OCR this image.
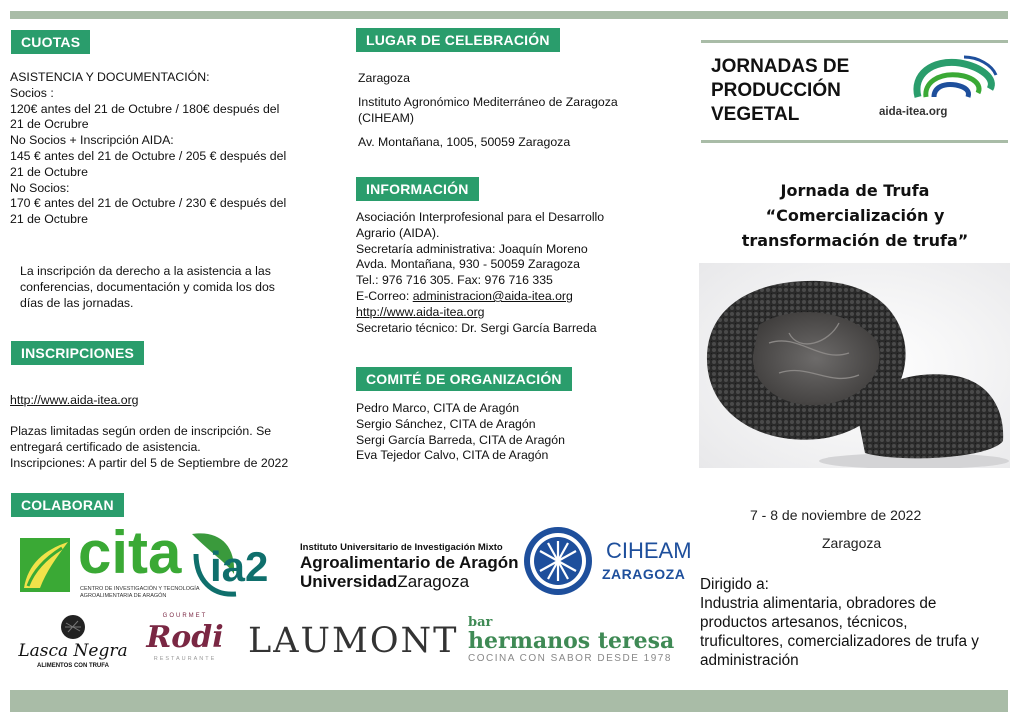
CUOTAS
ASISTENCIA Y DOCUMENTACIÓN:
Socios :
120€ antes del 21 de Octubre / 180€ después del
21 de Ocrubre
No Socios + Inscripción AIDA:
145 € antes del 21 de Octubre / 205 € después del
21 de Octubre
No Socios:
170 € antes del 21 de Octubre / 230 € después del
21 de Octubre
La inscripción da derecho a la asistencia a las
conferencias, documentación y comida los dos
días de las jornadas.
INSCRIPCIONES
http://www.aida-itea.org
Plazas limitadas según orden de inscripción. Se
entregará certificado de asistencia.
Inscripciones: A partir del 5 de Septiembre de 2022
LUGAR DE CELEBRACIÓN
Zaragoza
Instituto Agronómico Mediterráneo de Zaragoza
(CIHEAM)
Av. Montañana, 1005, 50059 Zaragoza
INFORMACIÓN
Asociación Interprofesional para el Desarrollo
Agrario (AIDA).
Secretaría administrativa: Joaquín Moreno
Avda. Montañana, 930 - 50059 Zaragoza
Tel.: 976 716 305. Fax: 976 716 335
E-Correo: administracion@aida-itea.org
http://www.aida-itea.org
Secretario técnico: Dr. Sergi García Barreda
COMITÉ DE ORGANIZACIÓN
Pedro Marco, CITA de Aragón
Sergio Sánchez, CITA de Aragón
Sergi García Barreda, CITA de Aragón
Eva Tejedor Calvo, CITA de Aragón
COLABORAN
cita
CENTRO DE INVESTIGACIÓN Y TECNOLOGÍA
AGROALIMENTARIA DE ARAGÓN
ia2	Instituto Universitario de Investigación Mixto
Agroalimentario de Aragón
UniversidadZaragoza
CIHEAM
ZARAGOZA
Lasca Negra
ALIMENTOS CON TRUFA
GOURMET
Rodi
RESTAURANTE LAUMONT bar
hermanos teresa
COCINA CON SABOR DESDE 1978
JORNADAS DE
PRODUCCIÓN
VEGETAL	aida-itea.org
Jornada de Trufa
“Comercialización y
transformación de trufa”
7 - 8 de noviembre de 2022
Zaragoza
Dirigido a:
Industria alimentaria, obradores de
productos artesanos, técnicos,
truficultores, comercializadores de trufa y
administración
